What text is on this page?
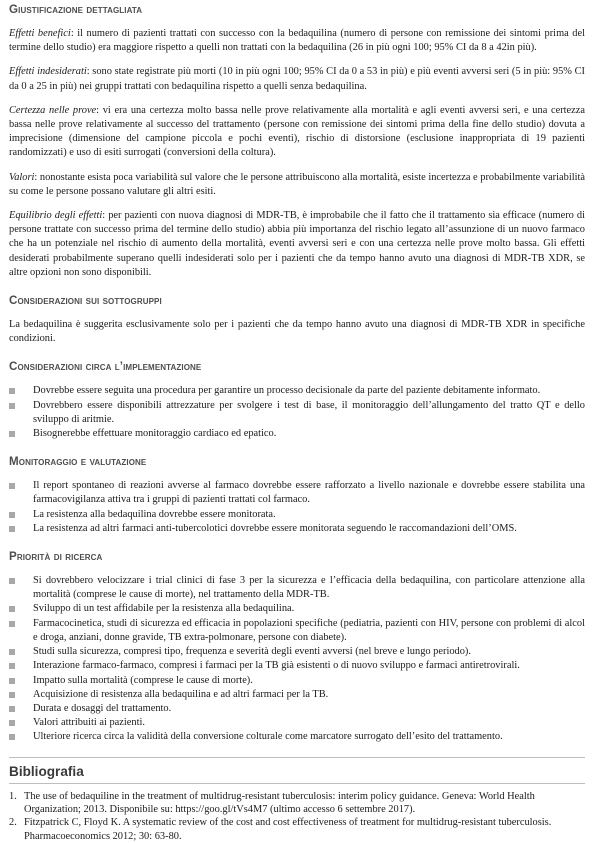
Giustificazione dettagliata

Effetti benefici: il numero di pazienti trattati con successo con la bedaquilina (numero di persone con remissione dei sintomi prima del termine dello studio) era maggiore rispetto a quelli non trattati con la bedaquilina (26 in più ogni 100; 95% CI da 8 a 42in più).

Effetti indesiderati: sono state registrate più morti (10 in più ogni 100; 95% CI da 0 a 53 in più) e più eventi avversi seri (5 in più: 95% CI da 0 a 25 in più) nei gruppi trattati con bedaquilina rispetto a quelli senza bedaquilina.

Certezza nelle prove: vi era una certezza molto bassa nelle prove relativamente alla mortalità e agli eventi avversi seri, e una certezza bassa nelle prove relativamente al successo del trattamento (persone con remissione dei sintomi prima della fine dello studio) dovuta a imprecisione (dimensione del campione piccola e pochi eventi), rischio di distorsione (esclusione inappropriata di 19 pazienti randomizzati) e uso di esiti surrogati (conversioni della coltura).

Valori: nonostante esista poca variabilità sul valore che le persone attribuiscono alla mortalità, esiste incertezza e probabilmente variabilità su come le persone possano valutare gli altri esiti.

Equilibrio degli effetti: per pazienti con nuova diagnosi di MDR-TB, è improbabile che il fatto che il trattamento sia efficace (numero di persone trattate con successo prima del termine dello studio) abbia più importanza del rischio legato all’assunzione di un nuovo farmaco che ha un potenziale nel rischio di aumento della mortalità, eventi avversi seri e con una certezza nelle prove molto bassa. Gli effetti desiderati probabilmente superano quelli indesiderati solo per i pazienti che da tempo hanno avuto una diagnosi di MDR-TB XDR, se altre opzioni non sono disponibili.

Considerazioni sui sottogruppi

La bedaquilina è suggerita esclusivamente solo per i pazienti che da tempo hanno avuto una diagnosi di MDR-TB XDR in specifiche condizioni.

Considerazioni circa l’implementazione
Dovrebbe essere seguita una procedura per garantire un processo decisionale da parte del paziente debitamente informato.
Dovrebbero essere disponibili attrezzature per svolgere i test di base, il monitoraggio dell’allungamento del tratto QT e dello sviluppo di aritmie.
Bisognerebbe effettuare monitoraggio cardiaco ed epatico.
Monitoraggio e valutazione
Il report spontaneo di reazioni avverse al farmaco dovrebbe essere rafforzato a livello nazionale e dovrebbe essere stabilita una farmacovigilanza attiva tra i gruppi di pazienti trattati col farmaco.
La resistenza alla bedaquilina dovrebbe essere monitorata.
La resistenza ad altri farmaci anti-tubercolotici dovrebbe essere monitorata seguendo le raccomandazioni dell’OMS.
Priorità di ricerca
Si dovrebbero velocizzare i trial clinici di fase 3 per la sicurezza e l’efficacia della bedaquilina, con particolare attenzione alla mortalità (comprese le cause di morte), nel trattamento della MDR-TB.
Sviluppo di un test affidabile per la resistenza alla bedaquilina.
Farmacocinetica, studi di sicurezza ed efficacia in popolazioni specifiche (pediatria, pazienti con HIV, persone con problemi di alcol e droga, anziani, donne gravide, TB extra-polmonare, persone con diabete).
Studi sulla sicurezza, compresi tipo, frequenza e severità degli eventi avversi (nel breve e lungo periodo).
Interazione farmaco-farmaco, compresi i farmaci per la TB già esistenti o di nuovo sviluppo e farmaci antiretrovirali.
Impatto sulla mortalità (comprese le cause di morte).
Acquisizione di resistenza alla bedaquilina e ad altri farmaci per la TB.
Durata e dosaggi del trattamento.
Valori attribuiti ai pazienti.
Ulteriore ricerca circa la validità della conversione colturale come marcatore surrogato dell’esito del trattamento.
Bibliografia
1. The use of bedaquiline in the treatment of multidrug-resistant tuberculosis: interim policy guidance. Geneva: World Health Organization; 2013. Disponibile su: https://goo.gl/tVs4M7 (ultimo accesso 6 settembre 2017).
2. Fitzpatrick C, Floyd K. A systematic review of the cost and cost effectiveness of treatment for multidrug-resistant tuberculosis. Pharmacoeconomics 2012; 30: 63-80.
